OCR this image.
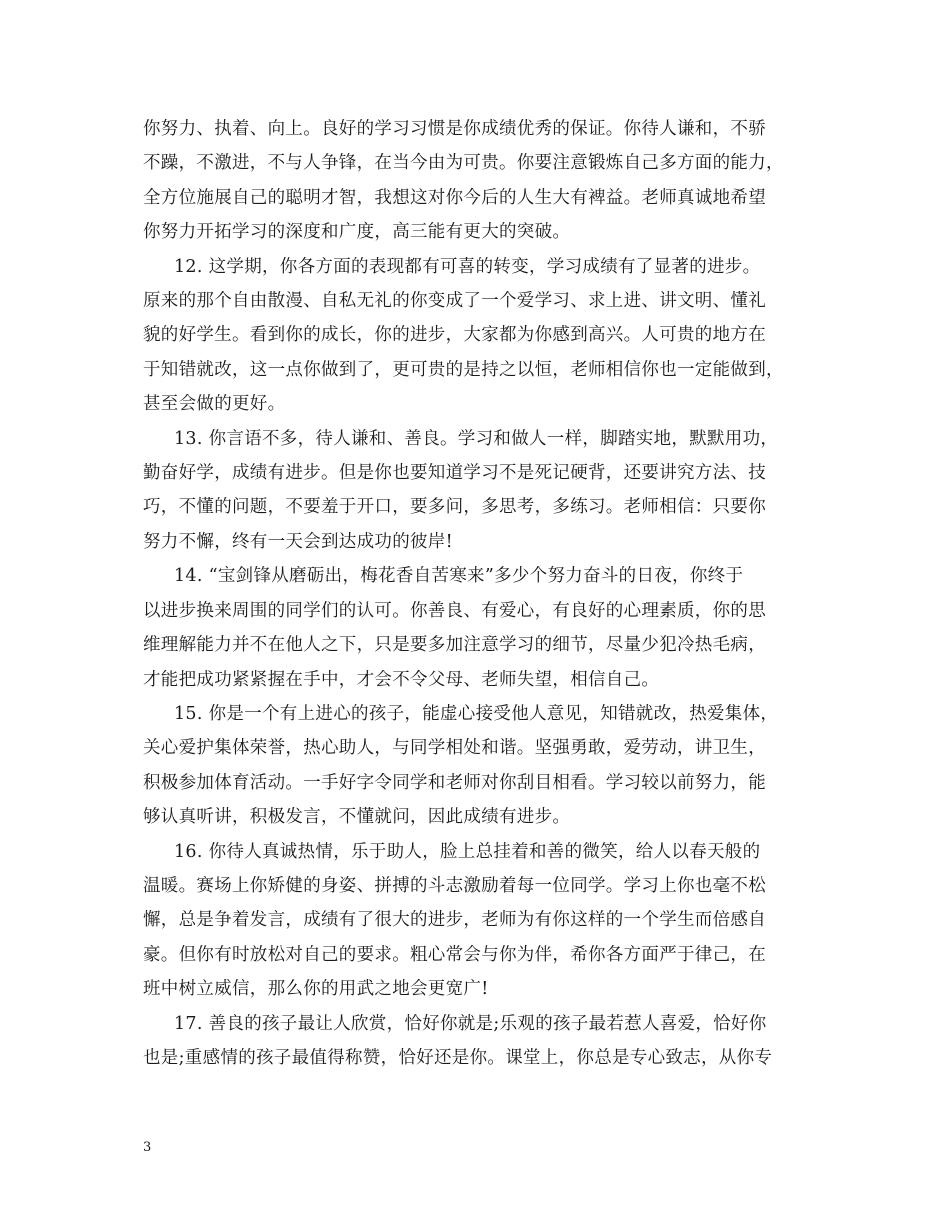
你努力、执着、向上。良好的学习习惯是你成绩优秀的保证。你待人谦和，不骄
不躁，不激进，不与人争锋，在当今由为可贵。你要注意锻炼自己多方面的能力，
全方位施展自己的聪明才智，我想这对你今后的人生大有裨益。老师真诚地希望
你努力开拓学习的深度和广度，高三能有更大的突破。
12. 这学期，你各方面的表现都有可喜的转变，学习成绩有了显著的进步。
原来的那个自由散漫、自私无礼的你变成了一个爱学习、求上进、讲文明、懂礼
貌的好学生。看到你的成长，你的进步，大家都为你感到高兴。人可贵的地方在
于知错就改，这一点你做到了，更可贵的是持之以恒，老师相信你也一定能做到，
甚至会做的更好。
13. 你言语不多，待人谦和、善良。学习和做人一样，脚踏实地，默默用功，
勤奋好学，成绩有进步。但是你也要知道学习不是死记硬背，还要讲究方法、技
巧，不懂的问题，不要羞于开口，要多问，多思考，多练习。老师相信：只要你
努力不懈，终有一天会到达成功的彼岸!
14. “宝剑锋从磨砺出，梅花香自苦寒来”多少个努力奋斗的日夜，你终于
以进步换来周围的同学们的认可。你善良、有爱心，有良好的心理素质，你的思
维理解能力并不在他人之下，只是要多加注意学习的细节，尽量少犯冷热毛病，
才能把成功紧紧握在手中，才会不令父母、老师失望，相信自己。
15. 你是一个有上进心的孩子，能虚心接受他人意见，知错就改，热爱集体，
关心爱护集体荣誉，热心助人，与同学相处和谐。坚强勇敢，爱劳动，讲卫生，
积极参加体育活动。一手好字令同学和老师对你刮目相看。学习较以前努力，能
够认真听讲，积极发言，不懂就问，因此成绩有进步。
16. 你待人真诚热情，乐于助人，脸上总挂着和善的微笑，给人以春天般的
温暖。赛场上你矫健的身姿、拼搏的斗志激励着每一位同学。学习上你也毫不松
懈，总是争着发言，成绩有了很大的进步，老师为有你这样的一个学生而倍感自
豪。但你有时放松对自己的要求。粗心常会与你为伴，希你各方面严于律己，在
班中树立威信，那么你的用武之地会更宽广!
17. 善良的孩子最让人欣赏，恰好你就是;乐观的孩子最若惹人喜爱，恰好你
也是;重感情的孩子最值得称赞，恰好还是你。课堂上，你总是专心致志，从你专
3
